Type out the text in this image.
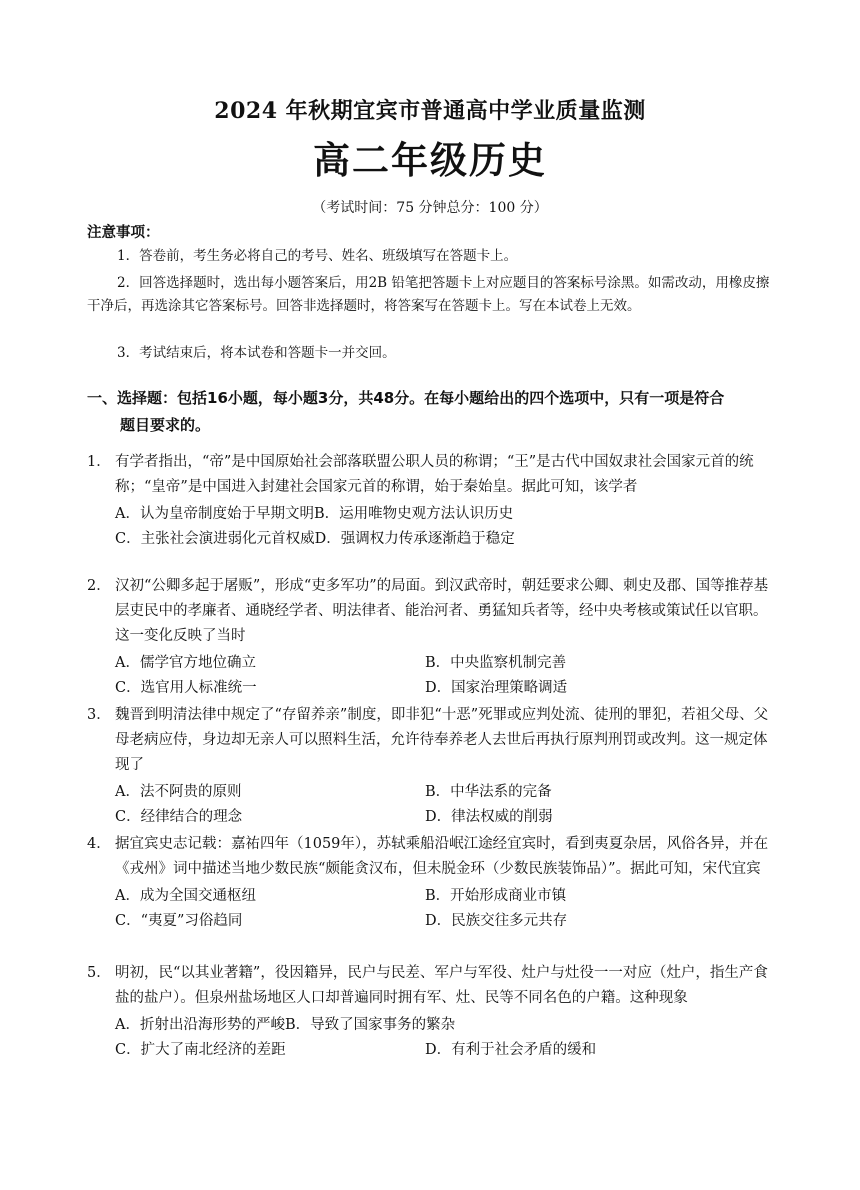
2024 年秋期宜宾市普通高中学业质量监测
高二年级历史
（考试时间：75 分钟总分：100 分）
注意事项：
1．答卷前，考生务必将自己的考号、姓名、班级填写在答题卡上。
2．回答选择题时，选出每小题答案后，用2B 铅笔把答题卡上对应题目的答案标号涂黑。如需改动，用橡皮擦干净后，再选涂其它答案标号。回答非选择题时，将答案写在答题卡上。写在本试卷上无效。
3．考试结束后，将本试卷和答题卡一并交回。
一、选择题：包括16小题，每小题3分，共48分。在每小题给出的四个选项中，只有一项是符合
题目要求的。
1． 有学者指出，“帝”是中国原始社会部落联盟公职人员的称谓；“王”是古代中国奴隶社会国家元首的统称；“皇帝”是中国进入封建社会国家元首的称谓，始于秦始皇。据此可知，该学者
A．认为皇帝制度始于早期文明 B．运用唯物史观方法认识历史
C．主张社会演进弱化元首权威 D．强调权力传承逐渐趋于稳定
2． 汉初“公卿多起于屠贩”，形成“吏多军功”的局面。到汉武帝时，朝廷要求公卿、刺史及郡、国等推荐基层吏民中的孝廉者、通晓经学者、明法律者、能治河者、勇猛知兵者等，经中央考核或策试任以官职。这一变化反映了当时
A．儒学官方地位确立	B．中央监察机制完善
C．选官用人标准统一	D．国家治理策略调适
3． 魏晋到明清法律中规定了“存留养亲”制度，即非犯“十恶”死罪或应判处流、徒刑的罪犯，若祖父母、父母老病应侍，身边却无亲人可以照料生活，允许待奉养老人去世后再执行原判刑罚或改判。这一规定体现了
A．法不阿贵的原则	B．中华法系的完备
C．经律结合的理念	D．律法权威的削弱
4． 据宜宾史志记载：嘉祐四年（1059年），苏轼乘船沿岷江途经宜宾时，看到夷夏杂居，风俗各异，并在《戎州》词中描述当地少数民族“颇能贪汉布，但未脱金环（少数民族装饰品）”。据此可知，宋代宜宾
A．成为全国交通枢纽	B．开始形成商业市镇
C．“夷夏”习俗趋同	D．民族交往多元共存
5． 明初，民“以其业著籍”，役因籍异，民户与民差、军户与军役、灶户与灶役一一对应（灶户，指生产食盐的盐户）。但泉州盐场地区人口却普遍同时拥有军、灶、民等不同名色的户籍。这种现象
A．折射出沿海形势的严峻 B．导致了国家事务的繁杂
C．扩大了南北经济的差距	D．有利于社会矛盾的缓和
